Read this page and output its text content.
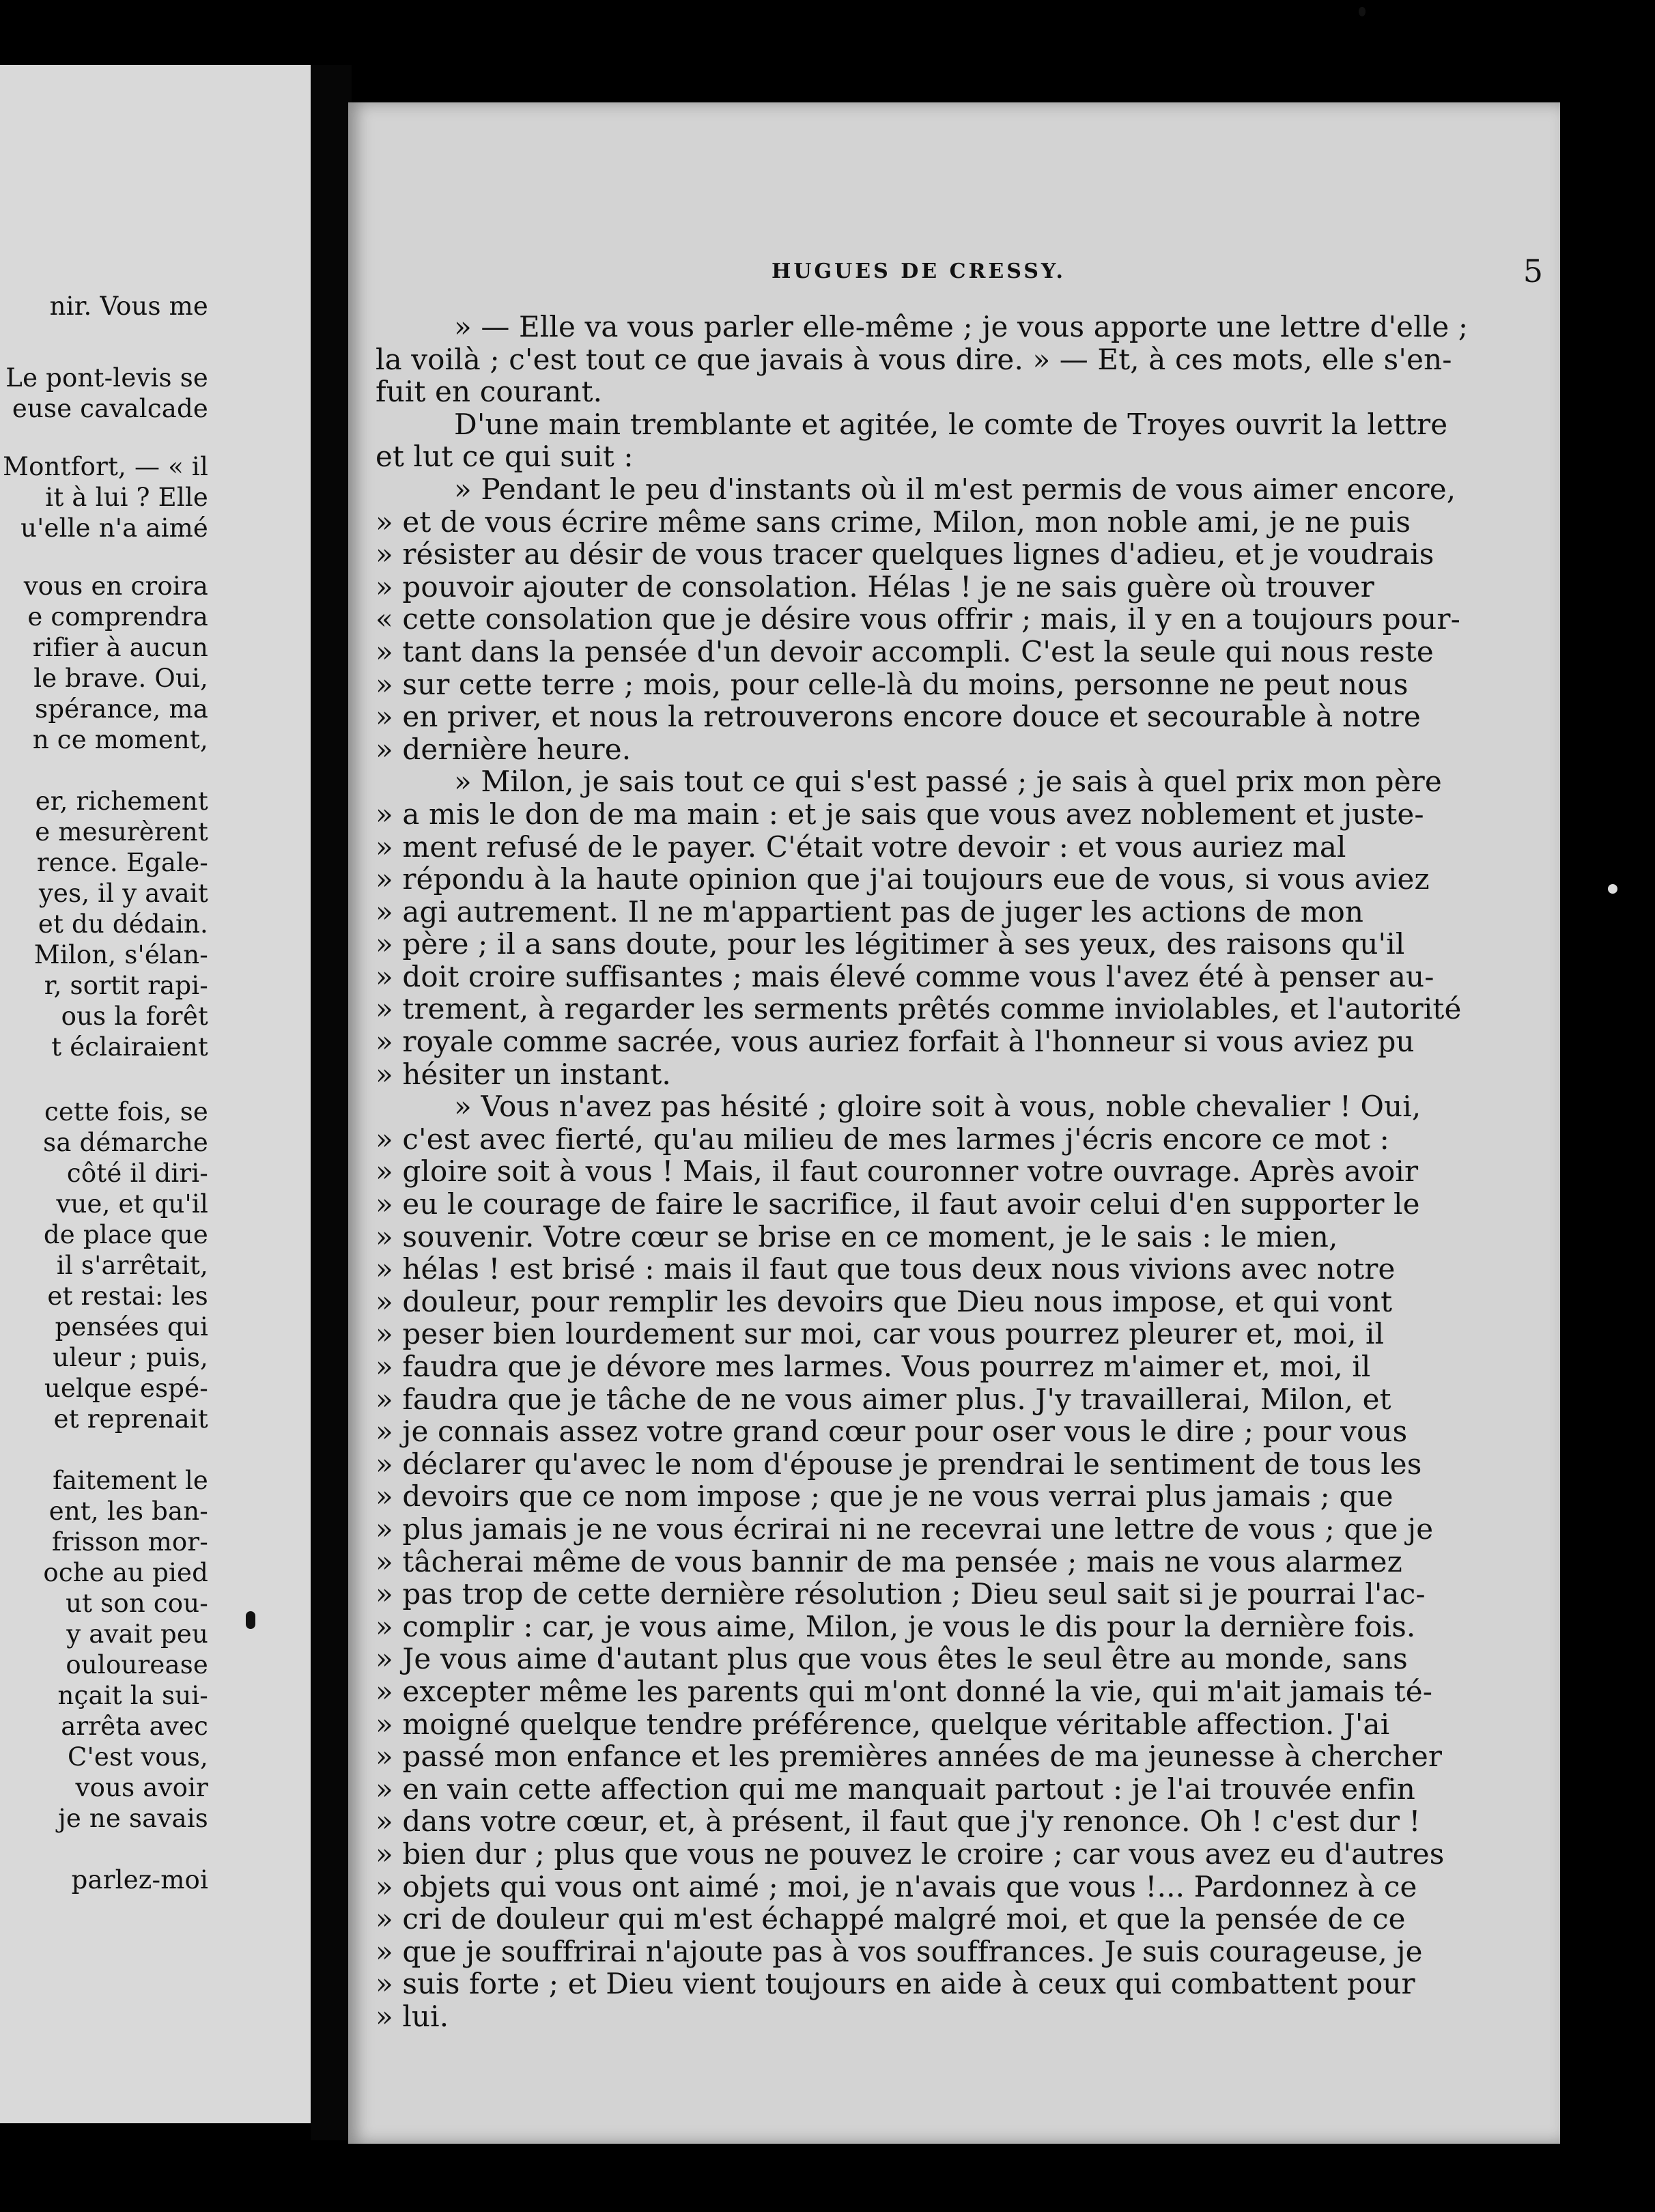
nir. Vous me
Le pont-levis se
euse cavalcade
Montfort, — « il
it à lui ? Elle
u'elle n'a aimé
vous en croira
e comprendra
rifier à aucun
le brave. Oui,
spérance, ma
n ce moment,
er, richement
e mesurèrent
rence. Egale-
yes, il y avait
et du dédain.
Milon, s'élan-
r, sortit rapi-
ous la forêt
t éclairaient
cette fois, se
sa démarche
côté il diri-
vue, et qu'il
de place que
il s'arrêtait,
et restai: les
pensées qui
uleur ; puis,
uelque espé-
et reprenait
faitement le
ent, les ban-
frisson mor-
oche au pied
ut son cou-
y avait peu
oulourease
nçait la sui-
arrêta avec
C'est vous,
vous avoir
je ne savais
parlez-moi
HUGUES DE CRESSY.	5
» — Elle va vous parler elle-même ; je vous apporte une lettre d'elle ;
la voilà ; c'est tout ce que javais à vous dire. » — Et, à ces mots, elle s'en-
fuit en courant.
D'une main tremblante et agitée, le comte de Troyes ouvrit la lettre
et lut ce qui suit :
» Pendant le peu d'instants où il m'est permis de vous aimer encore,
» et de vous écrire même sans crime, Milon, mon noble ami, je ne puis
» résister au désir de vous tracer quelques lignes d'adieu, et je voudrais
» pouvoir ajouter de consolation. Hélas ! je ne sais guère où trouver
« cette consolation que je désire vous offrir ; mais, il y en a toujours pour-
» tant dans la pensée d'un devoir accompli. C'est la seule qui nous reste
» sur cette terre ; mois, pour celle-là du moins, personne ne peut nous
» en priver, et nous la retrouverons encore douce et secourable à notre
» dernière heure.
» Milon, je sais tout ce qui s'est passé ; je sais à quel prix mon père
» a mis le don de ma main : et je sais que vous avez noblement et juste-
» ment refusé de le payer. C'était votre devoir : et vous auriez mal
» répondu à la haute opinion que j'ai toujours eue de vous, si vous aviez
» agi autrement. Il ne m'appartient pas de juger les actions de mon
» père ; il a sans doute, pour les légitimer à ses yeux, des raisons qu'il
» doit croire suffisantes ; mais élevé comme vous l'avez été à penser au-
» trement, à regarder les serments prêtés comme inviolables, et l'autorité
» royale comme sacrée, vous auriez forfait à l'honneur si vous aviez pu
» hésiter un instant.
» Vous n'avez pas hésité ; gloire soit à vous, noble chevalier ! Oui,
» c'est avec fierté, qu'au milieu de mes larmes j'écris encore ce mot :
» gloire soit à vous ! Mais, il faut couronner votre ouvrage. Après avoir
» eu le courage de faire le sacrifice, il faut avoir celui d'en supporter le
» souvenir. Votre cœur se brise en ce moment, je le sais : le mien,
» hélas ! est brisé : mais il faut que tous deux nous vivions avec notre
» douleur, pour remplir les devoirs que Dieu nous impose, et qui vont
» peser bien lourdement sur moi, car vous pourrez pleurer et, moi, il
» faudra que je dévore mes larmes. Vous pourrez m'aimer et, moi, il
» faudra que je tâche de ne vous aimer plus. J'y travaillerai, Milon, et
» je connais assez votre grand cœur pour oser vous le dire ; pour vous
» déclarer qu'avec le nom d'épouse je prendrai le sentiment de tous les
» devoirs que ce nom impose ; que je ne vous verrai plus jamais ; que
» plus jamais je ne vous écrirai ni ne recevrai une lettre de vous ; que je
» tâcherai même de vous bannir de ma pensée ; mais ne vous alarmez
» pas trop de cette dernière résolution ; Dieu seul sait si je pourrai l'ac-
» complir : car, je vous aime, Milon, je vous le dis pour la dernière fois.
» Je vous aime d'autant plus que vous êtes le seul être au monde, sans
» excepter même les parents qui m'ont donné la vie, qui m'ait jamais té-
» moigné quelque tendre préférence, quelque véritable affection. J'ai
» passé mon enfance et les premières années de ma jeunesse à chercher
» en vain cette affection qui me manquait partout : je l'ai trouvée enfin
» dans votre cœur, et, à présent, il faut que j'y renonce. Oh ! c'est dur !
» bien dur ; plus que vous ne pouvez le croire ; car vous avez eu d'autres
» objets qui vous ont aimé ; moi, je n'avais que vous !... Pardonnez à ce
» cri de douleur qui m'est échappé malgré moi, et que la pensée de ce
» que je souffrirai n'ajoute pas à vos souffrances. Je suis courageuse, je
» suis forte ; et Dieu vient toujours en aide à ceux qui combattent pour
» lui.
